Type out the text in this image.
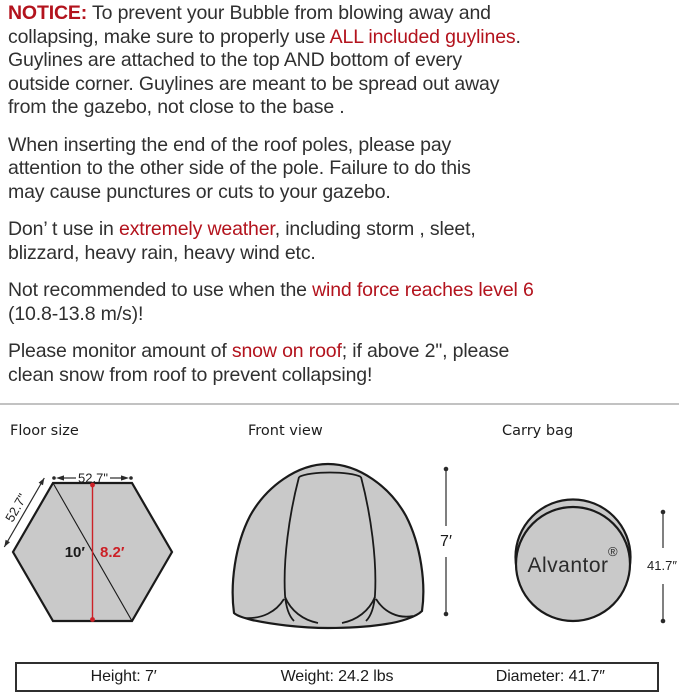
NOTICE: To prevent your Bubble from blowing away and
collapsing, make sure to properly use ALL included guylines.
Guylines are attached to the top AND bottom of every
outside corner. Guylines are meant to be spread out away
from the gazebo, not close to the base .
When inserting the end of the roof poles, please pay
attention to the other side of the pole. Failure to do this
may cause punctures or cuts to your gazebo.
Don’ t use in extremely weather, including storm , sleet,
blizzard, heavy rain, heavy wind etc.
Not recommended to use when the wind force reaches level 6
(10.8-13.8 m/s)!
Please monitor amount of snow on roof; if above 2", please
clean snow from roof to prevent collapsing!
Floor size	Front view	Carry bag
52.7"
52.7"
10′ 8.2′
7′
Alvantor
®
41.7″
Height: 7′	Weight: 24.2 lbs	Diameter: 41.7″
